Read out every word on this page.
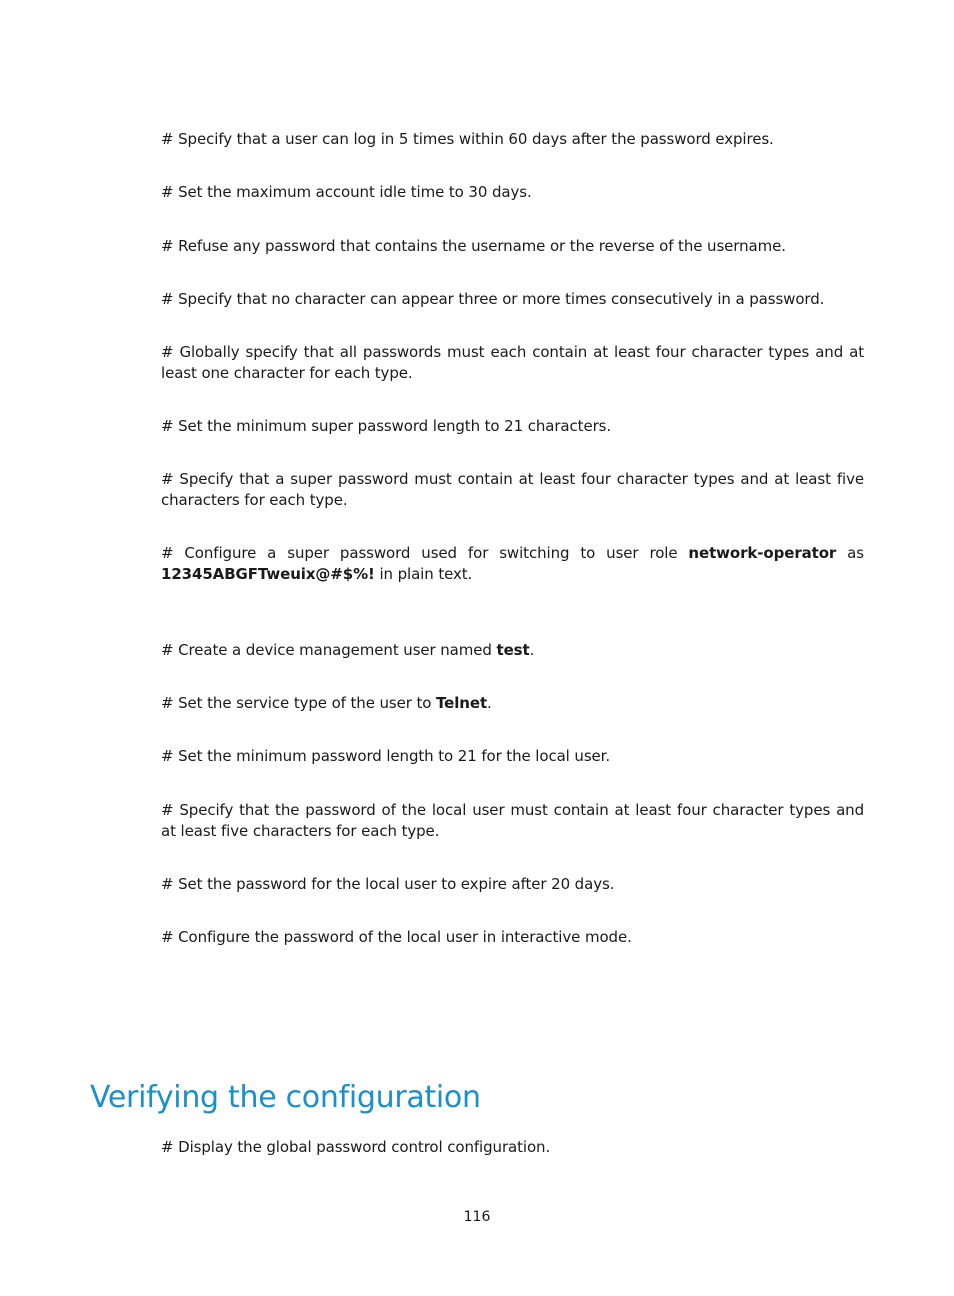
# Specify that a user can log in 5 times within 60 days after the password expires.

# Set the maximum account idle time to 30 days.

# Refuse any password that contains the username or the reverse of the username.

# Specify that no character can appear three or more times consecutively in a password.

# Globally specify that all passwords must each contain at least four character types and at least one character for each type.

# Set the minimum super password length to 21 characters.

# Specify that a super password must contain at least four character types and at least five characters for each type.

# Configure a super password used for switching to user role network-operator as 12345ABGFTweuix@#$%! in plain text.

# Create a device management user named test.

# Set the service type of the user to Telnet.

# Set the minimum password length to 21 for the local user.

# Specify that the password of the local user must contain at least four character types and at least five characters for each type.

# Set the password for the local user to expire after 20 days.

# Configure the password of the local user in interactive mode.

Verifying the configuration

# Display the global password control configuration.

116
